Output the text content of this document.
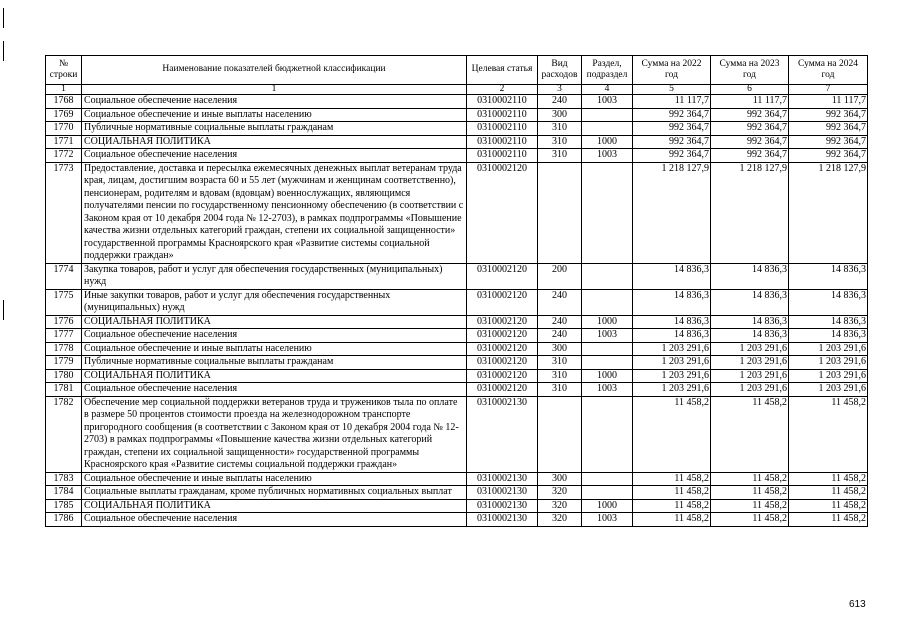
№ строки	Наименование показателей бюджетной классификации	Целевая статья	Вид расходов	Раздел, подраздел	Сумма на 2022 год	Сумма на 2023 год	Сумма на 2024 год
1	1	2	3	4	5	6	7
1768	Социальное обеспечение населения	0310002110	240	1003	11 117,7	11 117,7	11 117,7
1769	Социальное обеспечение и иные выплаты населению	0310002110	300		992 364,7	992 364,7	992 364,7
1770	Публичные нормативные социальные выплаты гражданам	0310002110	310		992 364,7	992 364,7	992 364,7
1771	СОЦИАЛЬНАЯ ПОЛИТИКА	0310002110	310	1000	992 364,7	992 364,7	992 364,7
1772	Социальное обеспечение населения	0310002110	310	1003	992 364,7	992 364,7	992 364,7
1773	Предоставление, доставка и пересылка ежемесячных денежных выплат ветеранам труда края, лицам, достигшим возраста 60 и 55 лет (мужчинам и женщинам соответственно), пенсионерам, родителям и вдовам (вдовцам) военнослужащих, являющимся получателями пенсии по государственному пенсионному обеспечению (в соответствии с Законом края от 10 декабря 2004 года № 12-2703), в рамках подпрограммы «Повышение качества жизни отдельных категорий граждан, степени их социальной защищенности» государственной программы Красноярского края «Развитие системы социальной поддержки граждан»	0310002120			1 218 127,9	1 218 127,9	1 218 127,9
1774	Закупка товаров, работ и услуг для обеспечения государственных (муниципальных) нужд	0310002120	200		14 836,3	14 836,3	14 836,3
1775	Иные закупки товаров, работ и услуг для обеспечения государственных (муниципальных) нужд	0310002120	240		14 836,3	14 836,3	14 836,3
1776	СОЦИАЛЬНАЯ ПОЛИТИКА	0310002120	240	1000	14 836,3	14 836,3	14 836,3
1777	Социальное обеспечение населения	0310002120	240	1003	14 836,3	14 836,3	14 836,3
1778	Социальное обеспечение и иные выплаты населению	0310002120	300		1 203 291,6	1 203 291,6	1 203 291,6
1779	Публичные нормативные социальные выплаты гражданам	0310002120	310		1 203 291,6	1 203 291,6	1 203 291,6
1780	СОЦИАЛЬНАЯ ПОЛИТИКА	0310002120	310	1000	1 203 291,6	1 203 291,6	1 203 291,6
1781	Социальное обеспечение населения	0310002120	310	1003	1 203 291,6	1 203 291,6	1 203 291,6
1782	Обеспечение мер социальной поддержки ветеранов труда и тружеников тыла по оплате в размере 50 процентов стоимости проезда на железнодорожном транспорте пригородного сообщения (в соответствии с Законом края от 10 декабря 2004 года № 12-2703) в рамках подпрограммы «Повышение качества жизни отдельных категорий граждан, степени их социальной защищенности» государственной программы Красноярского края «Развитие системы социальной поддержки граждан»	0310002130			11 458,2	11 458,2	11 458,2
1783	Социальное обеспечение и иные выплаты населению	0310002130	300		11 458,2	11 458,2	11 458,2
1784	Социальные выплаты гражданам, кроме публичных нормативных социальных выплат	0310002130	320		11 458,2	11 458,2	11 458,2
1785	СОЦИАЛЬНАЯ ПОЛИТИКА	0310002130	320	1000	11 458,2	11 458,2	11 458,2
1786	Социальное обеспечение населения	0310002130	320	1003	11 458,2	11 458,2	11 458,2
613
